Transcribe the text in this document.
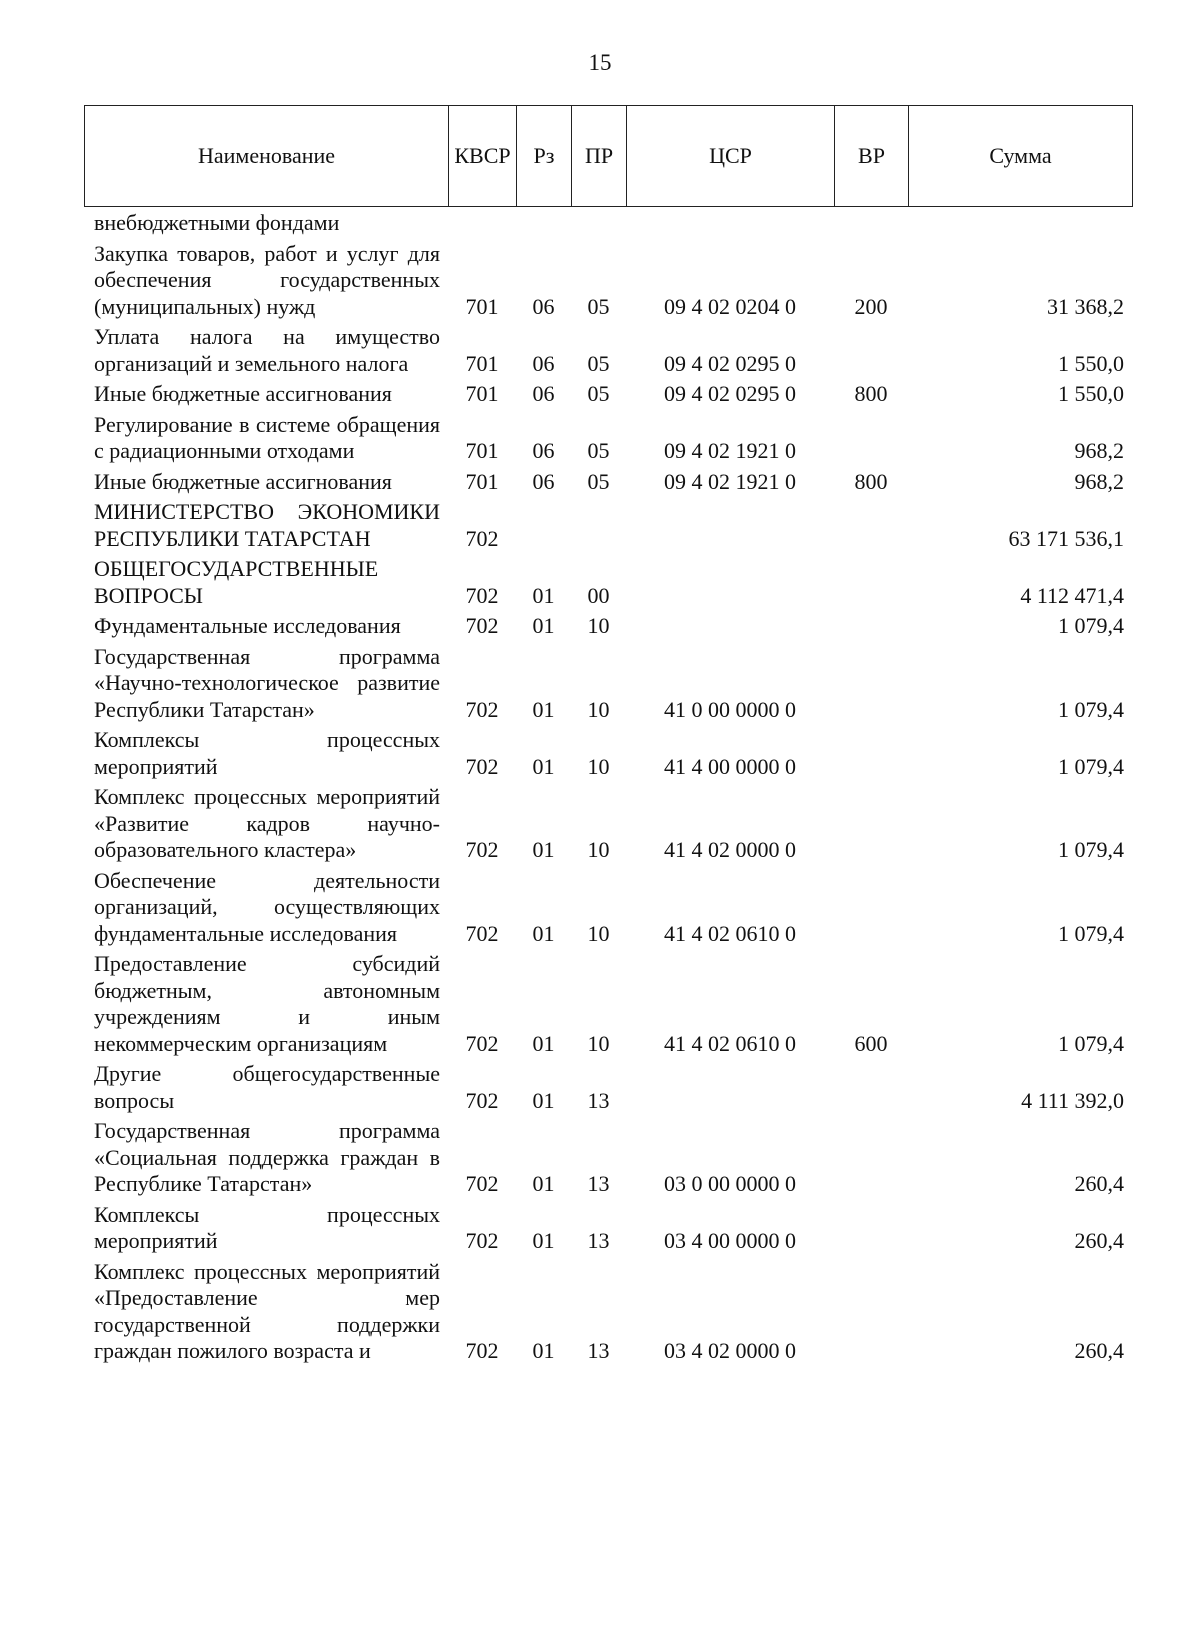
15
Наименование	КВСР	Рз	ПР	ЦСР	ВР	Сумма
внебюджетными фондами						
Закупка товаров, работ и услуг для обеспечения государственных (муниципальных) нужд	701	06	05	09 4 02 0204 0	200	31 368,2
Уплата налога на имущество организаций и земельного налога	701	06	05	09 4 02 0295 0		1 550,0
Иные бюджетные ассигнования	701	06	05	09 4 02 0295 0	800	1 550,0
Регулирование в системе обращения с радиационными отходами	701	06	05	09 4 02 1921 0		968,2
Иные бюджетные ассигнования	701	06	05	09 4 02 1921 0	800	968,2
МИНИСТЕРСТВО ЭКОНОМИКИ РЕСПУБЛИКИ ТАТАРСТАН	702					63 171 536,1
ОБЩЕГОСУДАРСТВЕННЫЕ ВОПРОСЫ	702	01	00			4 112 471,4
Фундаментальные исследования	702	01	10			1 079,4
Государственная программа «Научно-технологическое развитие Республики Татарстан»	702	01	10	41 0 00 0000 0		1 079,4
Комплексы процессных мероприятий	702	01	10	41 4 00 0000 0		1 079,4
Комплекс процессных мероприятий «Развитие кадров научно-образовательного кластера»	702	01	10	41 4 02 0000 0		1 079,4
Обеспечение деятельности организаций, осуществляющих фундаментальные исследования	702	01	10	41 4 02 0610 0		1 079,4
Предоставление субсидий бюджетным, автономным учреждениям и иным некоммерческим организациям	702	01	10	41 4 02 0610 0	600	1 079,4
Другие общегосударственные вопросы	702	01	13			4 111 392,0
Государственная программа «Социальная поддержка граждан в Республике Татарстан»	702	01	13	03 0 00 0000 0		260,4
Комплексы процессных мероприятий	702	01	13	03 4 00 0000 0		260,4
Комплекс процессных мероприятий «Предоставление мер государственной поддержки граждан пожилого возраста и	702	01	13	03 4 02 0000 0		260,4
